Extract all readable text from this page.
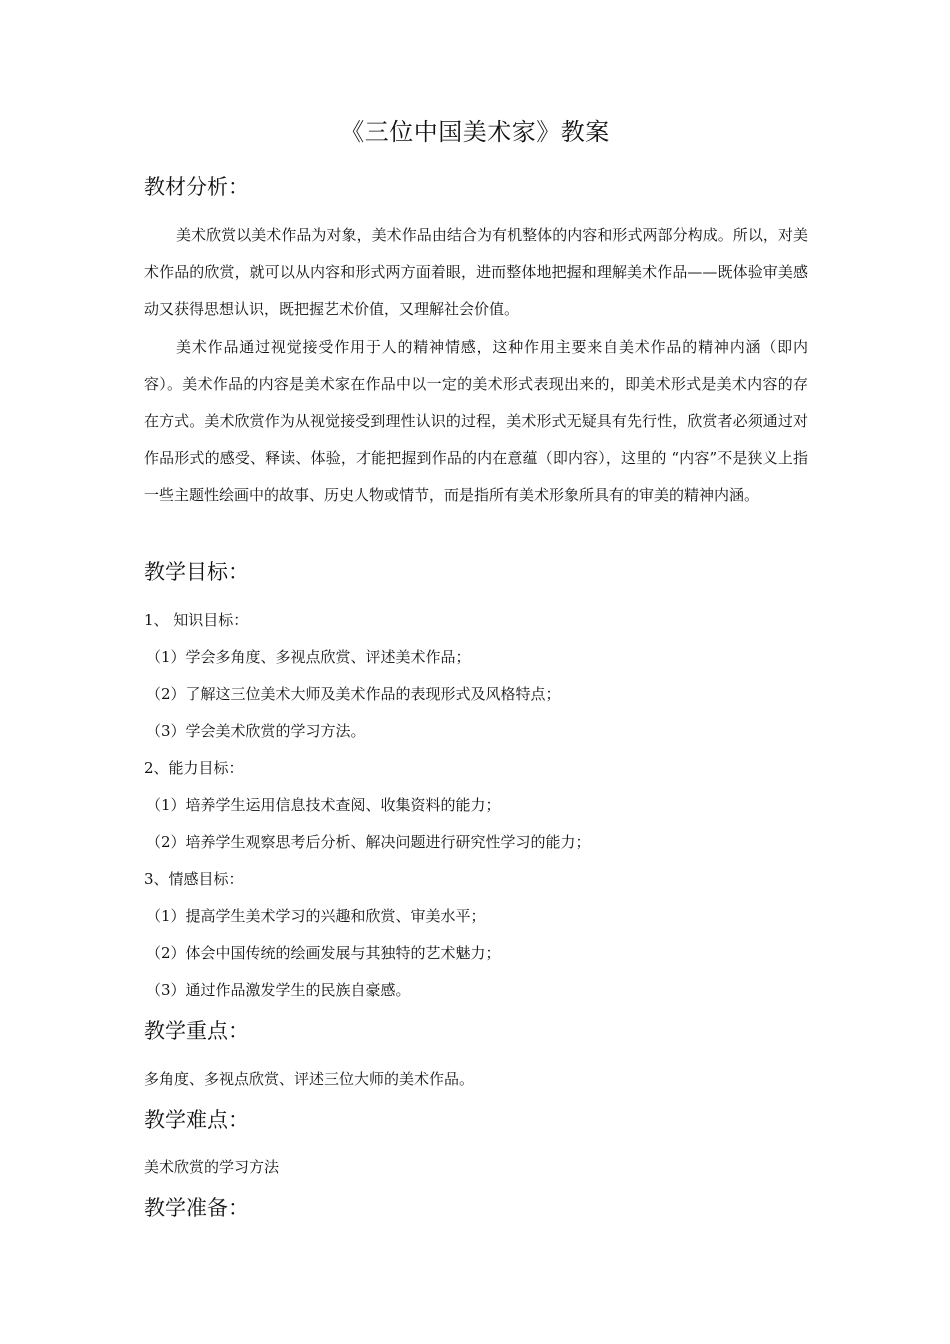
《三位中国美术家》教案
教材分析：

美术欣赏以美术作品为对象，美术作品由结合为有机整体的内容和形式两部分构成。所以，对美术作品的欣赏，就可以从内容和形式两方面着眼，进而整体地把握和理解美术作品——既体验审美感动又获得思想认识，既把握艺术价值，又理解社会价值。

美术作品通过视觉接受作用于人的精神情感，这种作用主要来自美术作品的精神内涵（即内容）。美术作品的内容是美术家在作品中以一定的美术形式表现出来的，即美术形式是美术内容的存在方式。美术欣赏作为从视觉接受到理性认识的过程，美术形式无疑具有先行性，欣赏者必须通过对作品形式的感受、释读、体验，才能把握到作品的内在意蕴（即内容），这里的 “内容”不是狭义上指一些主题性绘画中的故事、历史人物或情节，而是指所有美术形象所具有的审美的精神内涵。

教学目标：
1、 知识目标：
（1）学会多角度、多视点欣赏、评述美术作品；
（2）了解这三位美术大师及美术作品的表现形式及风格特点；
（3）学会美术欣赏的学习方法。
2、能力目标：
（1）培养学生运用信息技术查阅、收集资料的能力；
（2）培养学生观察思考后分析、解决问题进行研究性学习的能力；
3、情感目标：
（1）提高学生美术学习的兴趣和欣赏、审美水平；
（2）体会中国传统的绘画发展与其独特的艺术魅力；
（3）通过作品激发学生的民族自豪感。
教学重点：
多角度、多视点欣赏、评述三位大师的美术作品。
教学难点：
美术欣赏的学习方法
教学准备：
